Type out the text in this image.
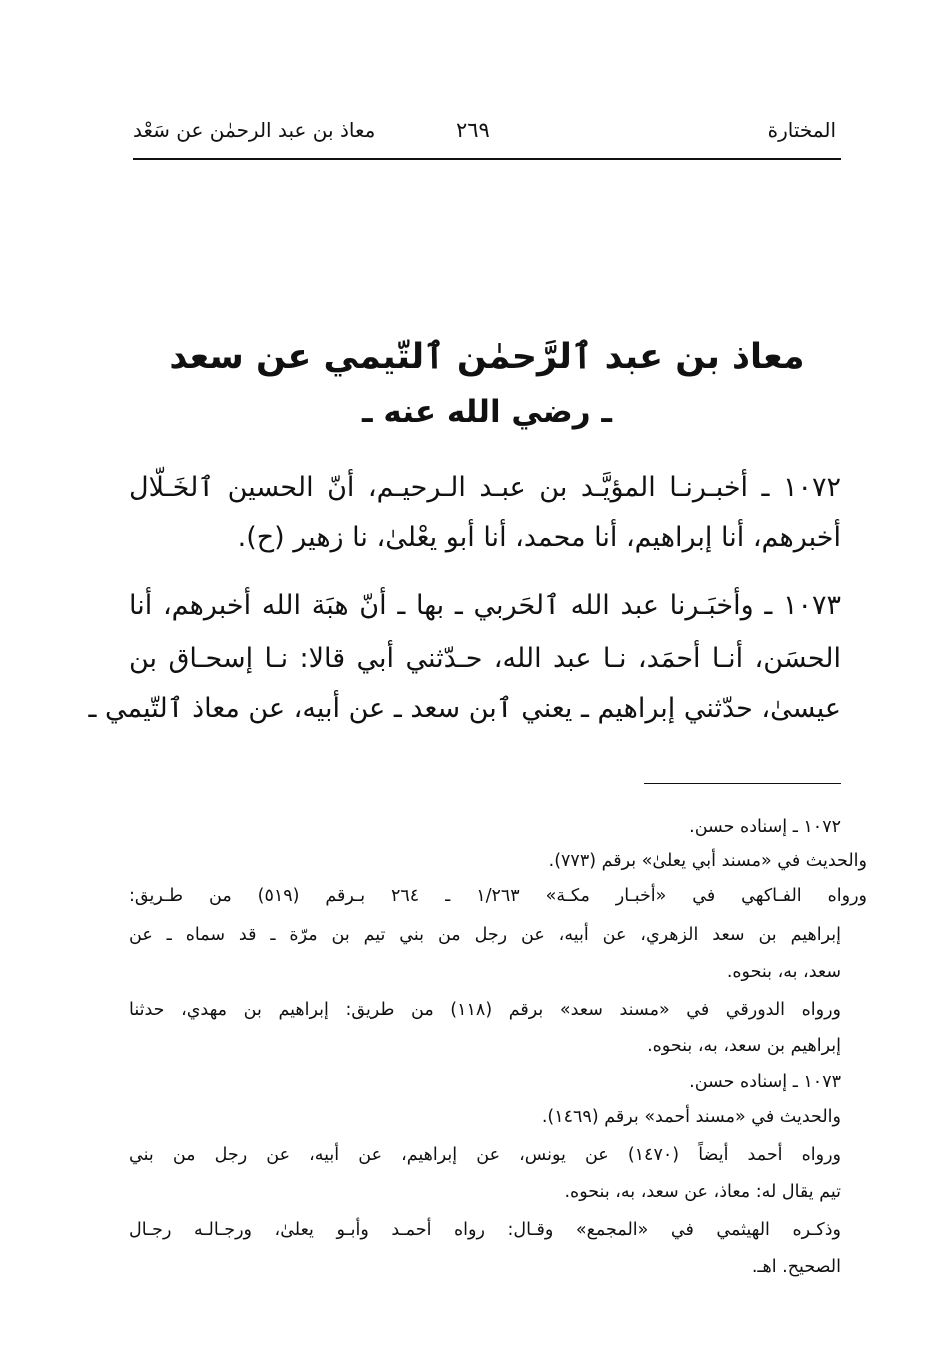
المختارة
٢٦٩
معاذ بن عبد الرحمٰن عن سَعْد
معاذ بن عبد ٱلرَّحمٰن ٱلتّيمي عن سعد
ـ رضي الله عنه ـ
١٠٧٢ ـ أخبـرنـا المؤيَّـد بن عبـد الـرحيـم، أنّ الحسين ٱلخَـلّال
أخبرهم، أنا إبراهيم، أنا محمد، أنا أبو يعْلىٰ، نا زهير (ح).
١٠٧٣ ـ وأخبَـرنا عبد الله ٱلحَربي ـ بها ـ أنّ هبَة الله أخبرهم، أنا
الحسَن، أنـا أحمَد، نـا عبد الله، حـدّثني أبي قالا: نـا إسحـاق بن
عيسىٰ، حدّثني إبراهيم ـ يعني ٱبن سعد ـ عن أبيه، عن معاذ ٱلتّيمي ـ
١٠٧٢ ـ إسناده حسن.
والحديث في «مسند أبي يعلىٰ» برقم (٧٧٣).
ورواه الفـاكهي في «أخبـار مكـة» ١/٢٦٣ ـ ٢٦٤ بـرقم (٥١٩) من طـريق:
إبراهيم بن سعد الزهري، عن أبيه، عن رجل من بني تيم بن مرّة ـ قد سماه ـ عن
سعد، به، بنحوه.
ورواه الدورقي في «مسند سعد» برقم (١١٨) من طريق: إبراهيم بن مهدي، حدثنا
إبراهيم بن سعد، به، بنحوه.
١٠٧٣ ـ إسناده حسن.
والحديث في «مسند أحمد» برقم (١٤٦٩).
ورواه أحمد أيضاً (١٤٧٠) عن يونس، عن إبراهيم، عن أبيه، عن رجل من بني
تيم يقال له: معاذ، عن سعد، به، بنحوه.
وذكـره الهيثمي في «المجمع» وقـال: رواه أحمـد وأبـو يعلىٰ، ورجـالـه رجـال
الصحيح. اهـ.
